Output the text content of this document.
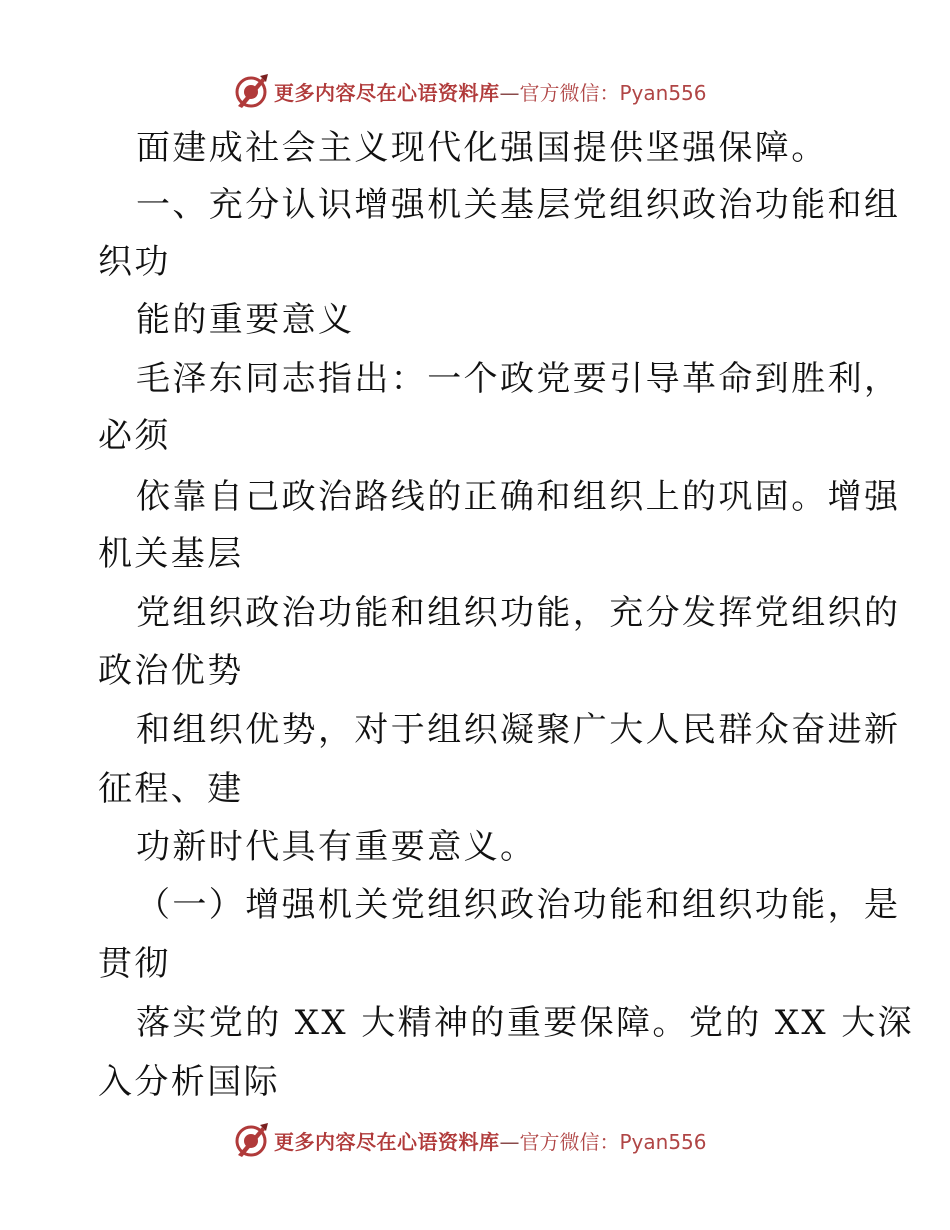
更多内容尽在心语资料库—官方微信：Pyan556
面建成社会主义现代化强国提供坚强保障。
一、充分认识增强机关基层党组织政治功能和组
织功
能的重要意义
毛泽东同志指出：一个政党要引导革命到胜利，
必须
依靠自己政治路线的正确和组织上的巩固。增强
机关基层
党组织政治功能和组织功能，充分发挥党组织的
政治优势
和组织优势，对于组织凝聚广大人民群众奋进新
征程、建
功新时代具有重要意义。
（一）增强机关党组织政治功能和组织功能，是
贯彻
落实党的 XX 大精神的重要保障。党的 XX 大深
入分析国际
更多内容尽在心语资料库—官方微信：Pyan556
